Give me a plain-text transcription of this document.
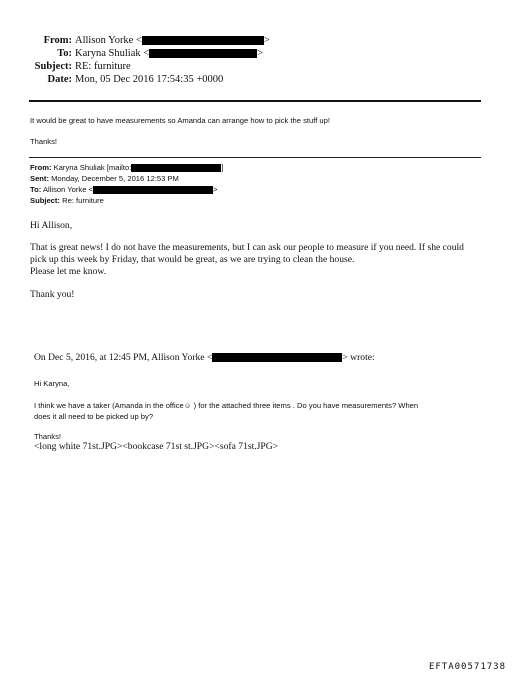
From: Allison Yorke <	>
To: Karyna Shuliak <	>
Subject: RE: furniture
Date: Mon, 05 Dec 2016 17:54:35 +0000
It would be great to have measurements so Amanda can arrange how to pick the stuff up!
Thanks!
From: Karyna Shuliak [mailto:	]
Sent: Monday, December 5, 2016 12:53 PM
To: Allison Yorke <	>
Subject: Re: furniture
Hi Allison,
That is great news! I do not have the measurements, but I can ask our people to measure if you need. If she could
pick up this week by Friday, that would be great, as we are trying to clean the house.
Please let me know.
Thank you!
On Dec 5, 2016, at 12:45 PM, Allison Yorke <	> wrote:
Hi Karyna,
I think we have a taker (Amanda in the office☺ ) for the attached three items . Do you have measurements? When
does it all need to be picked up by?
Thanks!
<long white 71st.JPG><bookcase 71st st.JPG><sofa 71st.JPG>
EFTA00571738
